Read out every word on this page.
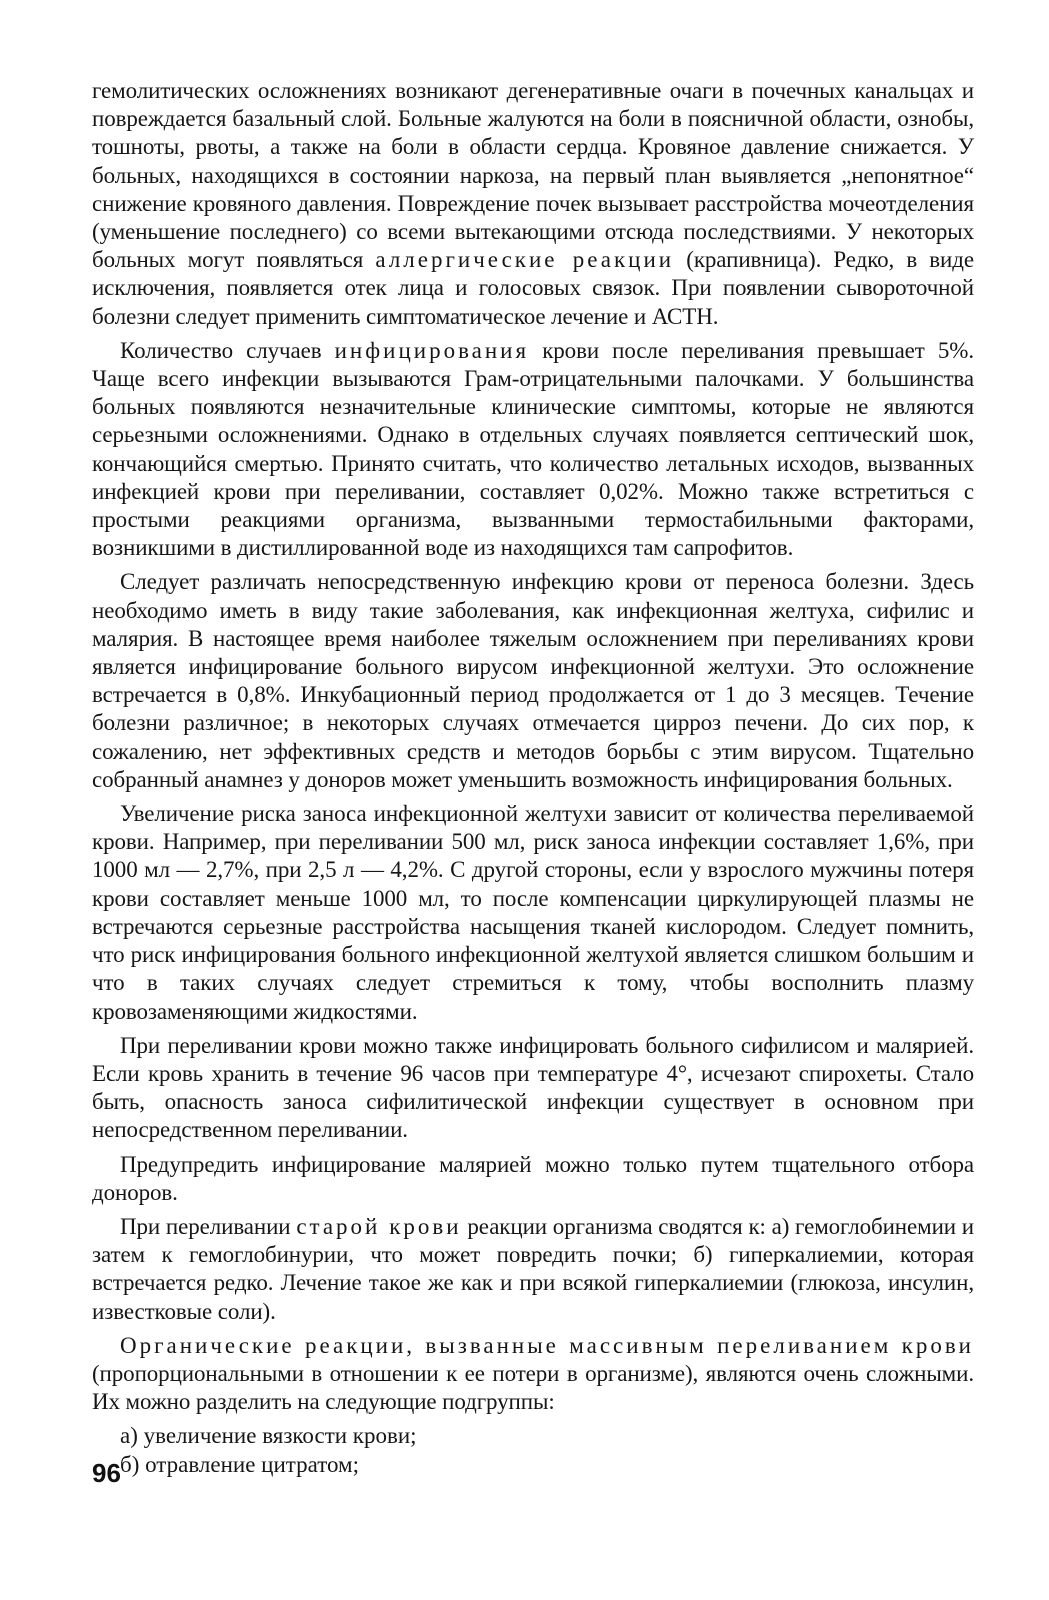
гемолитических осложнениях возникают дегенеративные очаги в почечных канальцах и повреждается базальный слой. Больные жалуются на боли в поясничной области, ознобы, тошноты, рвоты, а также на боли в области сердца. Кровяное давление снижается. У больных, находящихся в состоянии наркоза, на первый план выявляется „непонятное“ снижение кровяного давления. Повреждение почек вызывает расстройства мочеотделения (уменьшение последнего) со всеми вытекающими отсюда последствиями. У некоторых больных могут появляться аллергические реакции (крапивница). Редко, в виде исключения, появляется отек лица и голосовых связок. При появлении сывороточной болезни следует применить симптоматическое лечение и АСТН.

Количество случаев инфицирования крови после переливания превышает 5%. Чаще всего инфекции вызываются Грам-отрицательными палочками. У большинства больных появляются незначительные клинические симптомы, которые не являются серьезными осложнениями. Однако в отдельных случаях появляется септический шок, кончающийся смертью. Принято считать, что количество летальных исходов, вызванных инфекцией крови при переливании, составляет 0,02%. Можно также встретиться с простыми реакциями организма, вызванными термостабильными факторами, возникшими в дистиллированной воде из находящихся там сапрофитов.

Следует различать непосредственную инфекцию крови от переноса болезни. Здесь необходимо иметь в виду такие заболевания, как инфекционная желтуха, сифилис и малярия. В настоящее время наиболее тяжелым осложнением при переливаниях крови является инфицирование больного вирусом инфекционной желтухи. Это осложнение встречается в 0,8%. Инкубационный период продолжается от 1 до 3 месяцев. Течение болезни различное; в некоторых случаях отмечается цирроз печени. До сих пор, к сожалению, нет эффективных средств и методов борьбы с этим вирусом. Тщательно собранный анамнез у доноров может уменьшить возможность инфицирования больных.

Увеличение риска заноса инфекционной желтухи зависит от количества переливаемой крови. Например, при переливании 500 мл, риск заноса инфекции составляет 1,6%, при 1000 мл — 2,7%, при 2,5 л — 4,2%. С другой стороны, если у взрослого мужчины потеря крови составляет меньше 1000 мл, то после компенсации циркулирующей плазмы не встречаются серьезные расстройства насыщения тканей кислородом. Следует помнить, что риск инфицирования больного инфекционной желтухой является слишком большим и что в таких случаях следует стремиться к тому, чтобы восполнить плазму кровозаменяющими жидкостями.

При переливании крови можно также инфицировать больного сифилисом и малярией. Если кровь хранить в течение 96 часов при температуре 4°, исчезают спирохеты. Стало быть, опасность заноса сифилитической инфекции существует в основном при непосредственном переливании.

Предупредить инфицирование малярией можно только путем тщательного отбора доноров.

При переливании старой крови реакции организма сводятся к: а) гемоглобинемии и затем к гемоглобинурии, что может повредить почки; б) гиперкалиемии, которая встречается редко. Лечение такое же как и при всякой гиперкалиемии (глюкоза, инсулин, известковые соли).

Органические реакции, вызванные массивным переливанием крови (пропорциональными в отношении к ее потери в организме), являются очень сложными. Их можно разделить на следующие подгруппы:

а) увеличение вязкости крови;

б) отравление цитратом;

96
